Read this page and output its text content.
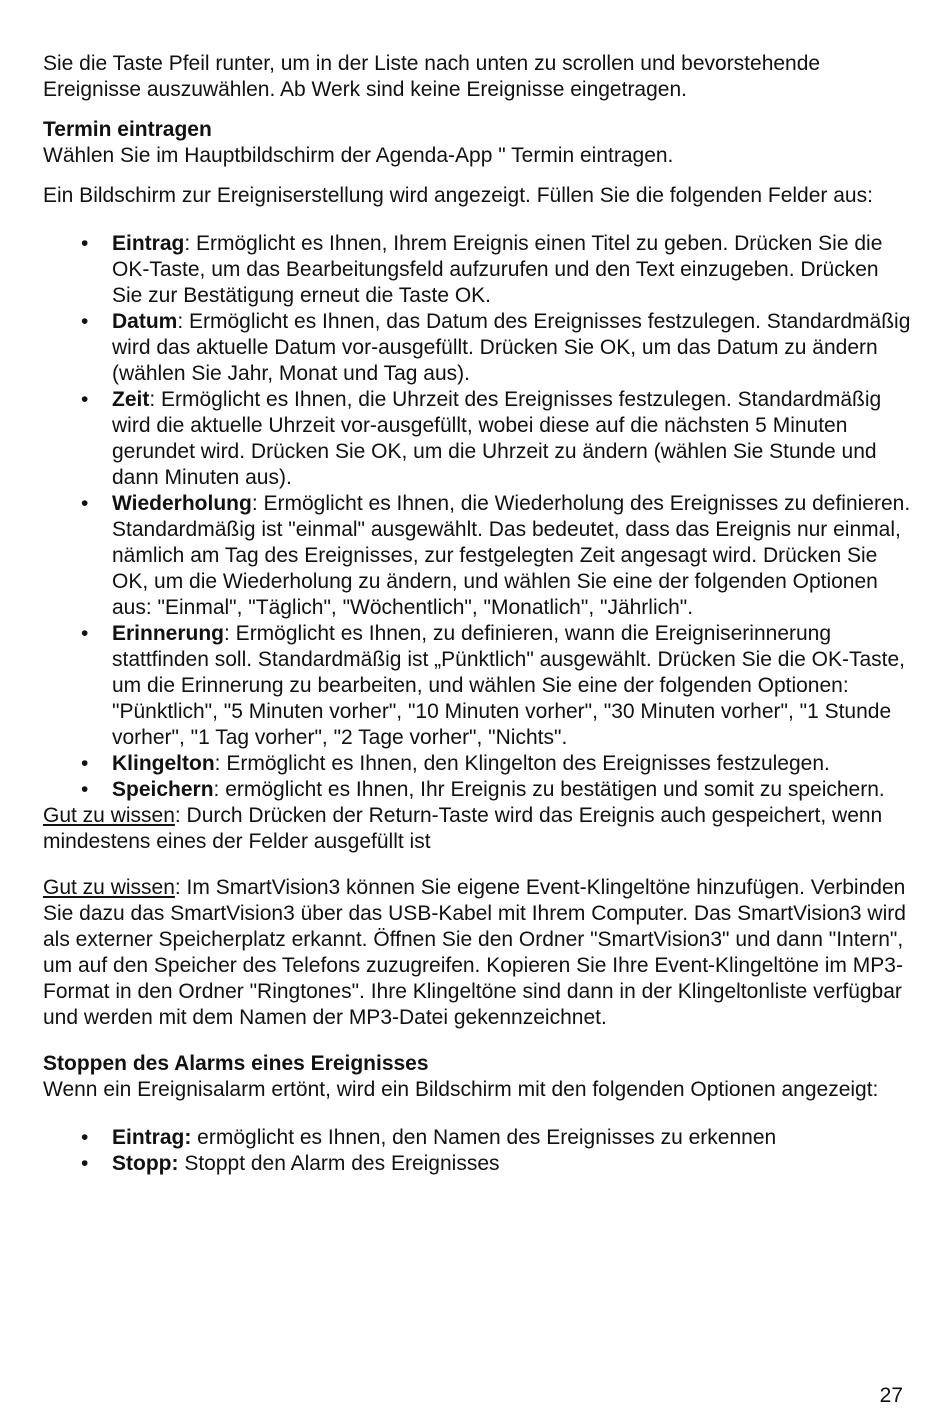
Sie die Taste Pfeil runter, um in der Liste nach unten zu scrollen und bevorstehende Ereignisse auszuwählen. Ab Werk sind keine Ereignisse eingetragen.

Termin eintragen

Wählen Sie im Hauptbildschirm der Agenda-App " Termin eintragen.

Ein Bildschirm zur Ereigniserstellung wird angezeigt. Füllen Sie die folgenden Felder aus:

• Eintrag: Ermöglicht es Ihnen, Ihrem Ereignis einen Titel zu geben. Drücken Sie die OK-Taste, um das Bearbeitungsfeld aufzurufen und den Text einzugeben. Drücken Sie zur Bestätigung erneut die Taste OK.
• Datum: Ermöglicht es Ihnen, das Datum des Ereignisses festzulegen. Standardmäßig wird das aktuelle Datum vor-ausgefüllt. Drücken Sie OK, um das Datum zu ändern (wählen Sie Jahr, Monat und Tag aus).
• Zeit: Ermöglicht es Ihnen, die Uhrzeit des Ereignisses festzulegen. Standardmäßig wird die aktuelle Uhrzeit vor-ausgefüllt, wobei diese auf die nächsten 5 Minuten gerundet wird. Drücken Sie OK, um die Uhrzeit zu ändern (wählen Sie Stunde und dann Minuten aus).
• Wiederholung: Ermöglicht es Ihnen, die Wiederholung des Ereignisses zu definieren. Standardmäßig ist "einmal" ausgewählt. Das bedeutet, dass das Ereignis nur einmal, nämlich am Tag des Ereignisses, zur festgelegten Zeit angesagt wird. Drücken Sie OK, um die Wiederholung zu ändern, und wählen Sie eine der folgenden Optionen aus: "Einmal", "Täglich", "Wöchentlich", "Monatlich", "Jährlich".
• Erinnerung: Ermöglicht es Ihnen, zu definieren, wann die Ereigniserinnerung stattfinden soll. Standardmäßig ist „Pünktlich" ausgewählt. Drücken Sie die OK-Taste, um die Erinnerung zu bearbeiten, und wählen Sie eine der folgenden Optionen: "Pünktlich", "5 Minuten vorher", "10 Minuten vorher", "30 Minuten vorher", "1 Stunde vorher", "1 Tag vorher", "2 Tage vorher", "Nichts".
• Klingelton: Ermöglicht es Ihnen, den Klingelton des Ereignisses festzulegen.
• Speichern: ermöglicht es Ihnen, Ihr Ereignis zu bestätigen und somit zu speichern.

Gut zu wissen: Durch Drücken der Return-Taste wird das Ereignis auch gespeichert, wenn mindestens eines der Felder ausgefüllt ist

Gut zu wissen: Im SmartVision3 können Sie eigene Event-Klingeltöne hinzufügen. Verbinden Sie dazu das SmartVision3 über das USB-Kabel mit Ihrem Computer. Das SmartVision3 wird als externer Speicherplatz erkannt. Öffnen Sie den Ordner "SmartVision3" und dann "Intern", um auf den Speicher des Telefons zuzugreifen. Kopieren Sie Ihre Event-Klingeltöne im MP3-Format in den Ordner "Ringtones". Ihre Klingeltöne sind dann in der Klingeltonliste verfügbar und werden mit dem Namen der MP3-Datei gekennzeichnet.

Stoppen des Alarms eines Ereignisses

Wenn ein Ereignisalarm ertönt, wird ein Bildschirm mit den folgenden Optionen angezeigt:

• Eintrag: ermöglicht es Ihnen, den Namen des Ereignisses zu erkennen
• Stopp: Stoppt den Alarm des Ereignisses
27
